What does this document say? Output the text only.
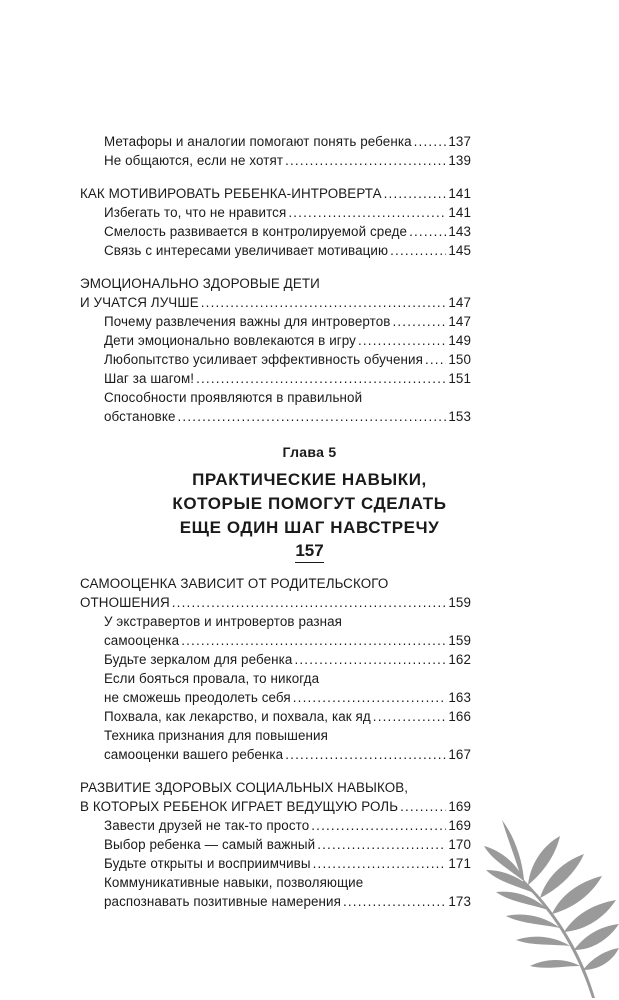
Метафоры и аналогии помогают понять ребенка .....	137
Не общаются, если не хотят .....	139
КАК МОТИВИРОВАТЬ РЕБЕНКА-ИНТРОВЕРТА .....	141
Избегать то, что не нравится .....	141
Смелость развивается в контролируемой среде .....	143
Связь с интересами увеличивает мотивацию .....	145
ЭМОЦИОНАЛЬНО ЗДОРОВЫЕ ДЕТИ
И УЧАТСЯ ЛУЧШЕ .....	147
Почему развлечения важны для интровертов .....	147
Дети эмоционально вовлекаются в игру .....	149
Любопытство усиливает эффективность обучения ..... 150
Шаг за шагом! .....	151
Способности проявляются в правильной
обстановке .....	153
Глава 5
ПРАКТИЧЕСКИЕ НАВЫКИ,
КОТОРЫЕ ПОМОГУТ СДЕЛАТЬ
ЕЩЕ ОДИН ШАГ НАВСТРЕЧУ
157
САМООЦЕНКА ЗАВИСИТ ОТ РОДИТЕЛЬСКОГО
ОТНОШЕНИЯ .....	159
У экстравертов и интровертов разная
самооценка .....	159
Будьте зеркалом для ребенка .....	162
Если бояться провала, то никогда
не сможешь преодолеть себя .....	163
Похвала, как лекарство, и похвала, как яд .....	166
Техника признания для повышения
самооценки вашего ребенка .....	167
РАЗВИТИЕ ЗДОРОВЫХ СОЦИАЛЬНЫХ НАВЫКОВ,
В КОТОРЫХ РЕБЕНОК ИГРАЕТ ВЕДУЩУЮ РОЛЬ .....	169
Завести друзей не так-то просто .....	169
Выбор ребенка — самый важный .....	170
Будьте открыты и восприимчивы .....	171
Коммуникативные навыки, позволяющие
распознавать позитивные намерения .....	173
